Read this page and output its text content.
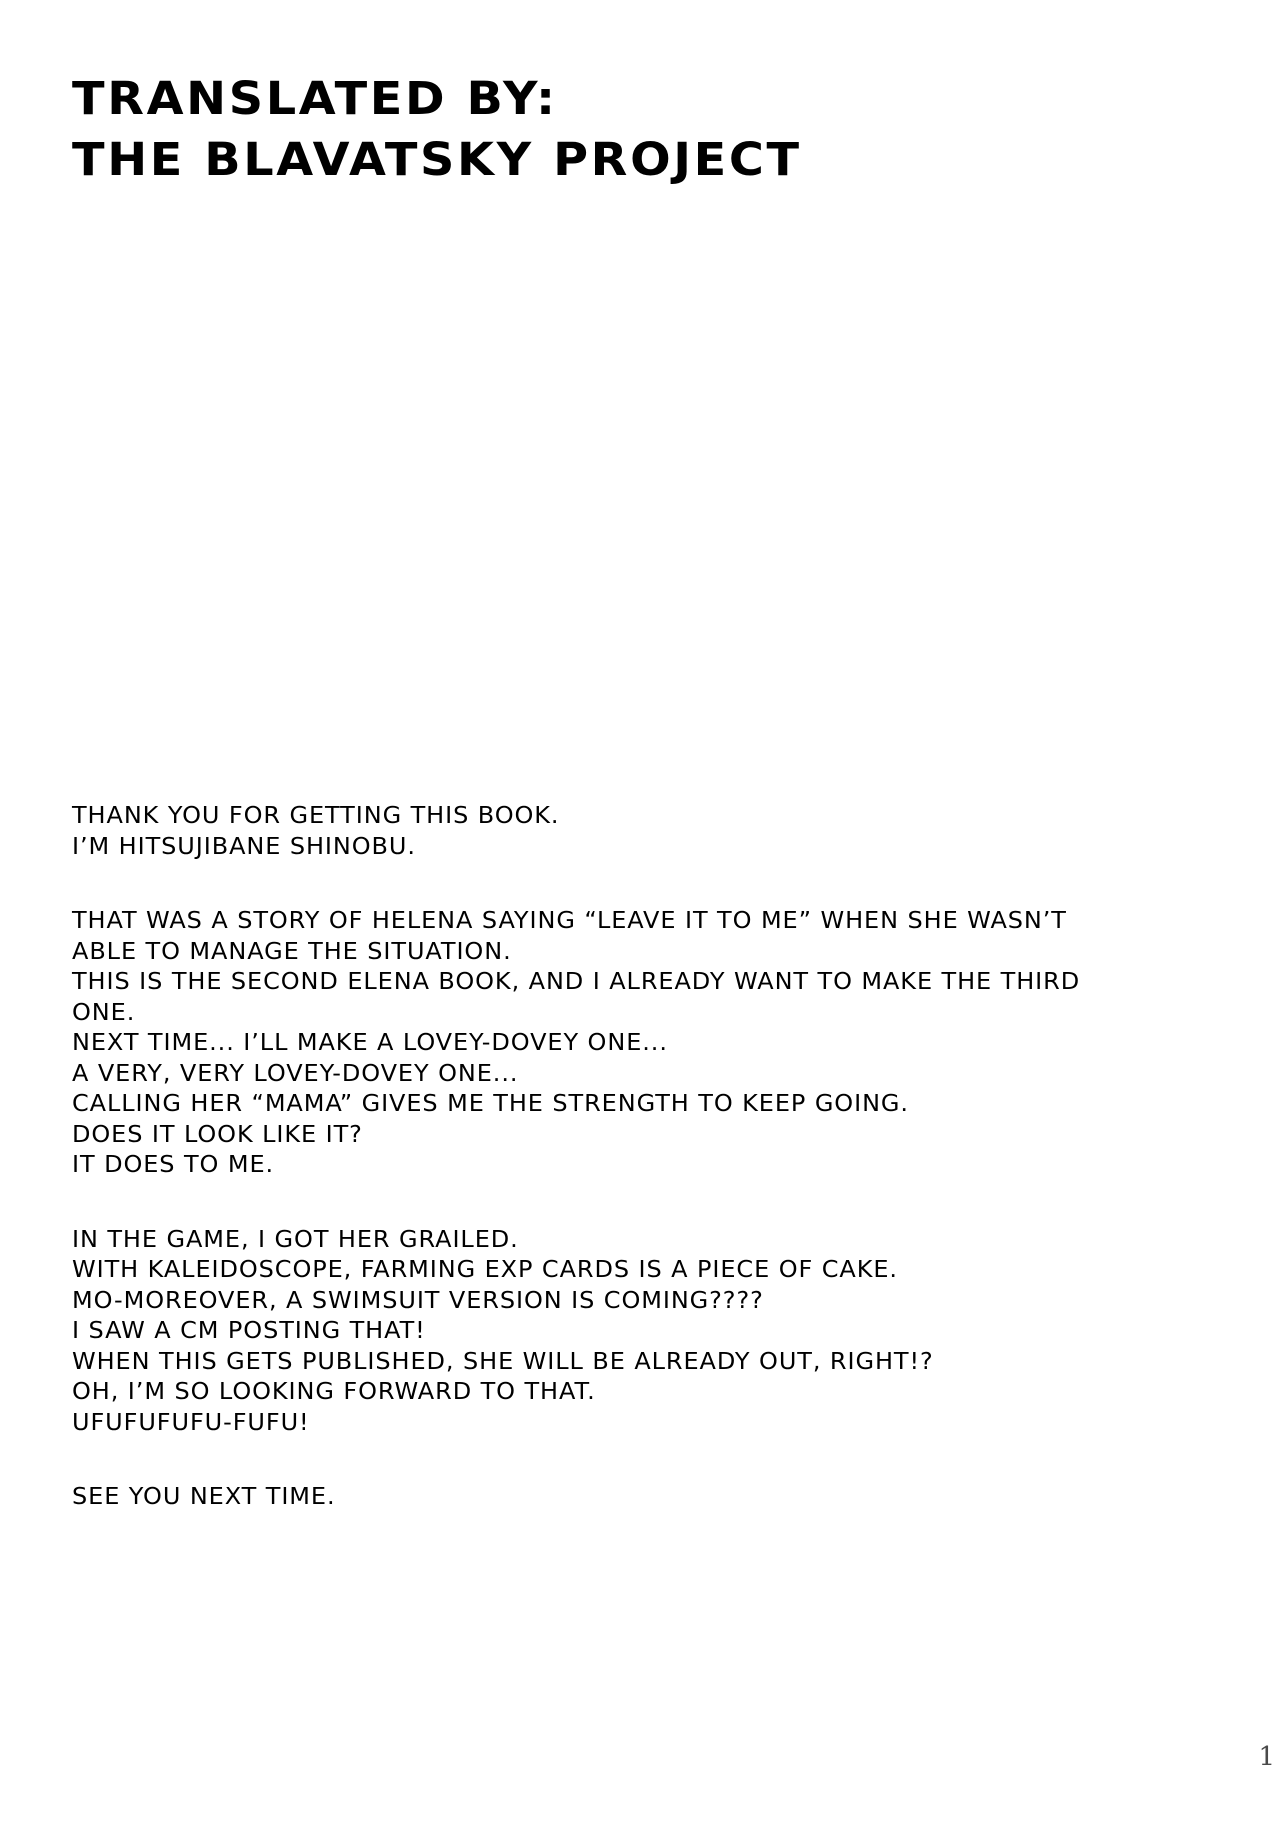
TRANSLATED BY:
THE BLAVATSKY PROJECT
THANK YOU FOR GETTING THIS BOOK.
I’M HITSUJIBANE SHINOBU.
THAT WAS A STORY OF HELENA SAYING “LEAVE IT TO ME” WHEN SHE WASN’T
ABLE TO MANAGE THE SITUATION.
THIS IS THE SECOND ELENA BOOK, AND I ALREADY WANT TO MAKE THE THIRD
ONE.
NEXT TIME... I’LL MAKE A LOVEY-DOVEY ONE...
A VERY, VERY LOVEY-DOVEY ONE...
CALLING HER “MAMA” GIVES ME THE STRENGTH TO KEEP GOING.
DOES IT LOOK LIKE IT?
IT DOES TO ME.
IN THE GAME, I GOT HER GRAILED.
WITH KALEIDOSCOPE, FARMING EXP CARDS IS A PIECE OF CAKE.
MO-MOREOVER, A SWIMSUIT VERSION IS COMING????
I SAW A CM POSTING THAT!
WHEN THIS GETS PUBLISHED, SHE WILL BE ALREADY OUT, RIGHT!?
OH, I’M SO LOOKING FORWARD TO THAT.
UFUFUFUFU-FUFU!
SEE YOU NEXT TIME.
1
